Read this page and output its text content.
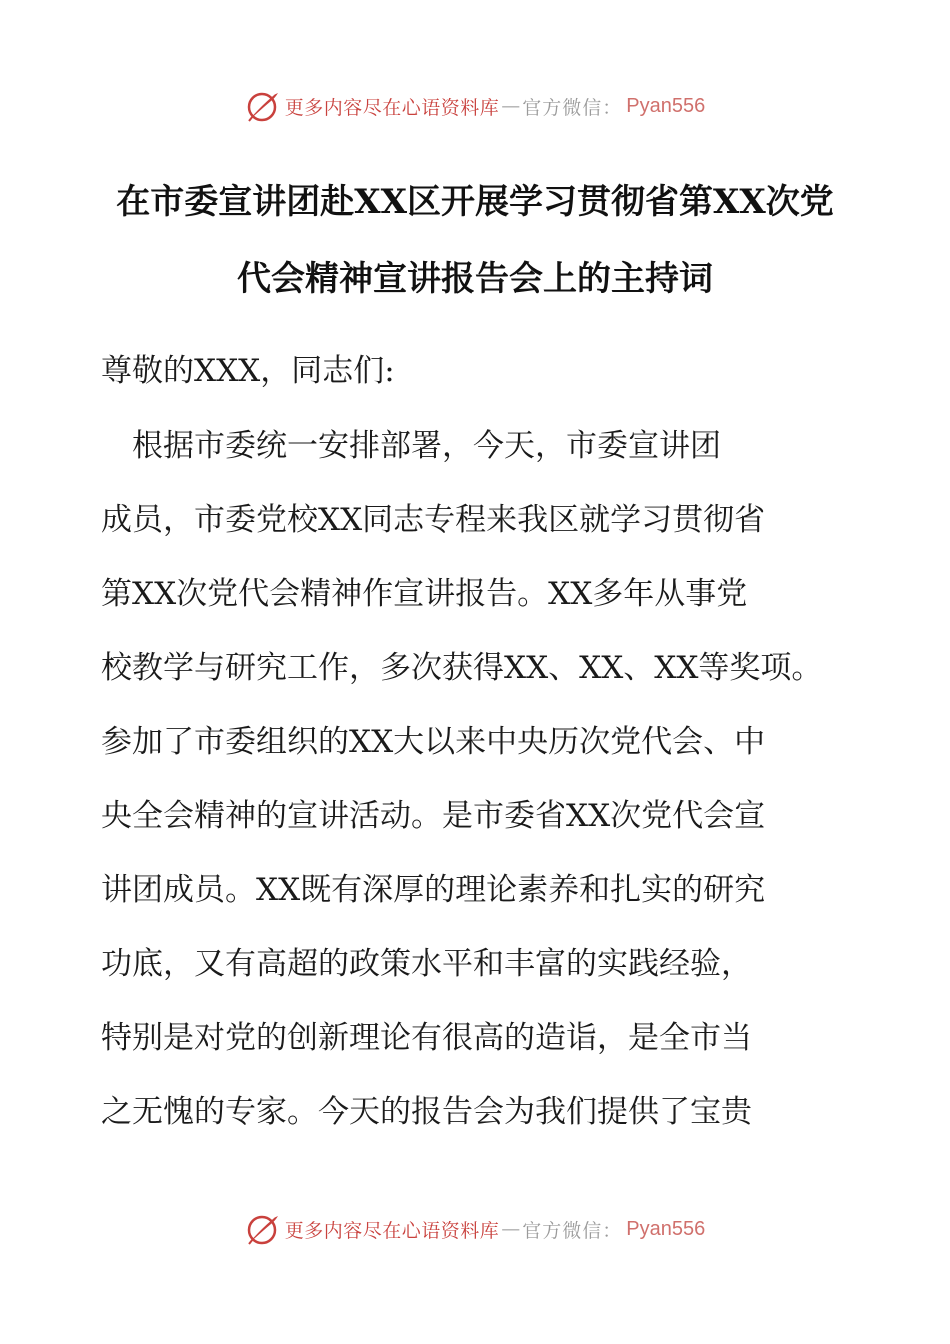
更多内容尽在心语资料库 — 官方微信： Pyan556
在市委宣讲团赴XX区开展学习贯彻省第XX次党
代会精神宣讲报告会上的主持词
尊敬的XXX，同志们:
　根据市委统一安排部署，今天，市委宣讲团
成员，市委党校XX同志专程来我区就学习贯彻省
第XX次党代会精神作宣讲报告。XX多年从事党
校教学与研究工作，多次获得XX、XX、XX等奖项。
参加了市委组织的XX大以来中央历次党代会、中
央全会精神的宣讲活动。是市委省XX次党代会宣
讲团成员。XX既有深厚的理论素养和扎实的研究
功底，又有高超的政策水平和丰富的实践经验，
特别是对党的创新理论有很高的造诣，是全市当
之无愧的专家。今天的报告会为我们提供了宝贵
更多内容尽在心语资料库 — 官方微信： Pyan556
